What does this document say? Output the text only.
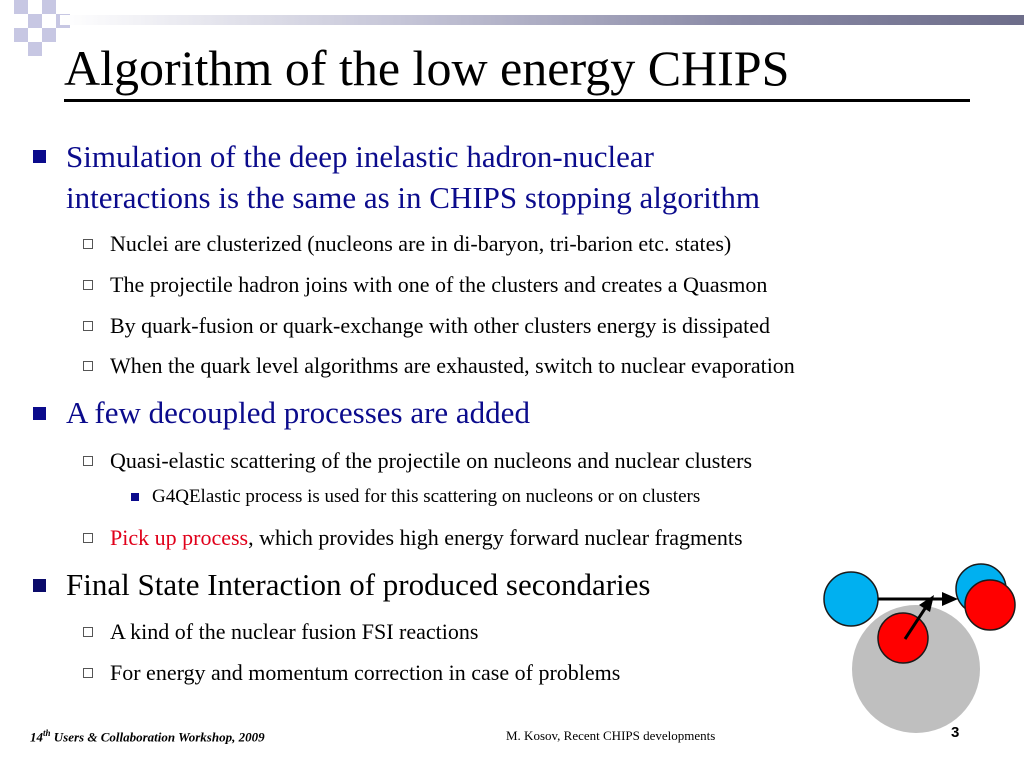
Algorithm of the low energy CHIPS
Simulation of the deep inelastic hadron-nuclear
interactions is the same as in CHIPS stopping algorithm
Nuclei are clusterized (nucleons are in di-baryon, tri-barion etc. states)
The projectile hadron joins with one of the clusters and creates a Quasmon
By quark-fusion or quark-exchange with other clusters energy is dissipated
When the quark level algorithms are exhausted, switch to nuclear evaporation
A few decoupled processes are added
Quasi-elastic scattering of the projectile on nucleons and nuclear clusters
G4QElastic process is used for this scattering on nucleons or on clusters
Pick up process, which provides high energy forward nuclear fragments
Final State Interaction of produced secondaries
A kind of the nuclear fusion FSI reactions
For energy and momentum correction in case of problems
14th Users & Collaboration Workshop, 2009	M. Kosov, Recent CHIPS developments	3
